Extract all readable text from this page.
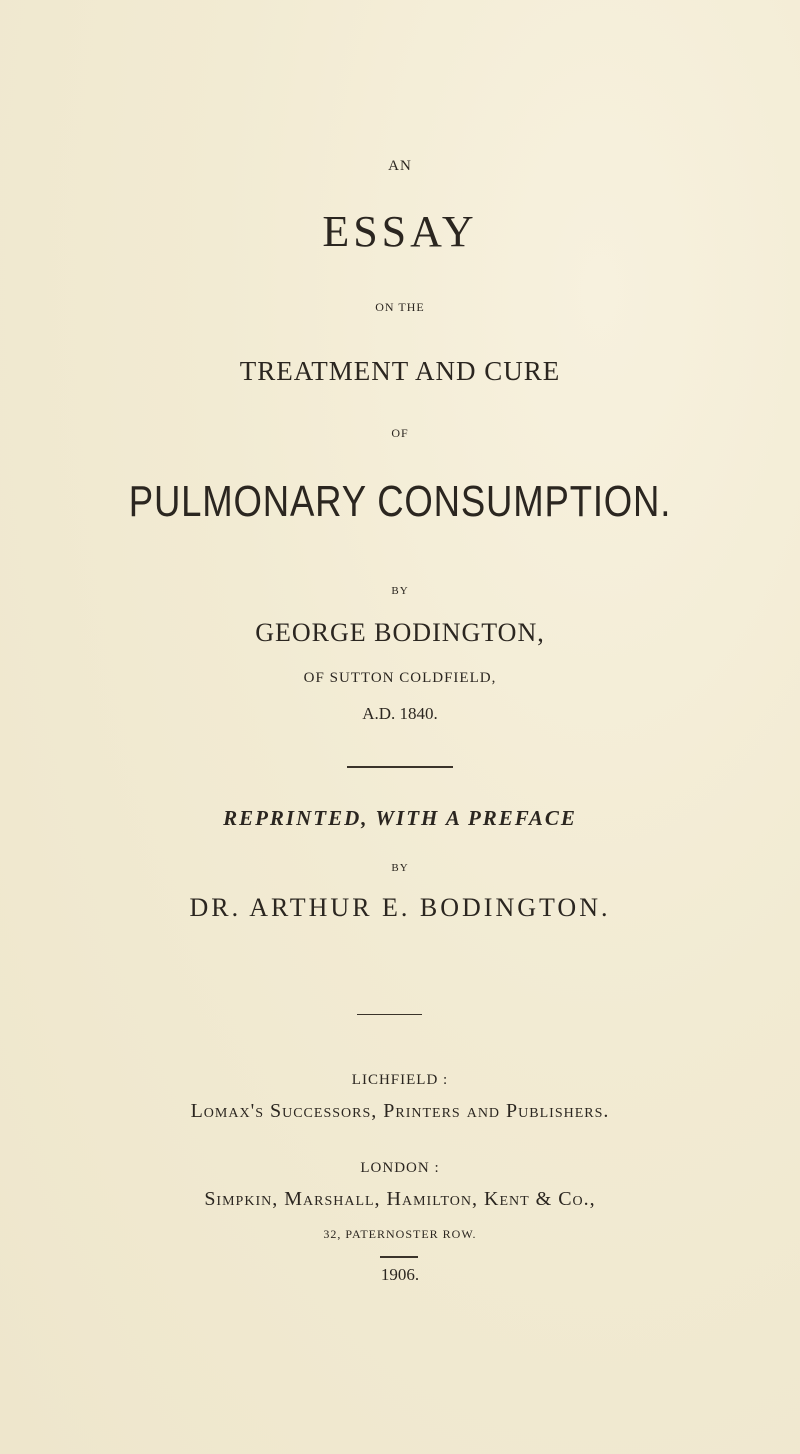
AN
ESSAY
ON THE
TREATMENT AND CURE
OF
PULMONARY CONSUMPTION.
BY
GEORGE BODINGTON,
OF SUTTON COLDFIELD,
A.D. 1840.
REPRINTED, WITH A PREFACE
BY
DR. ARTHUR E. BODINGTON.
LICHFIELD :
Lomax's Successors, Printers and Publishers.
LONDON :
Simpkin, Marshall, Hamilton, Kent & Co.,
32, PATERNOSTER ROW.
1906.
